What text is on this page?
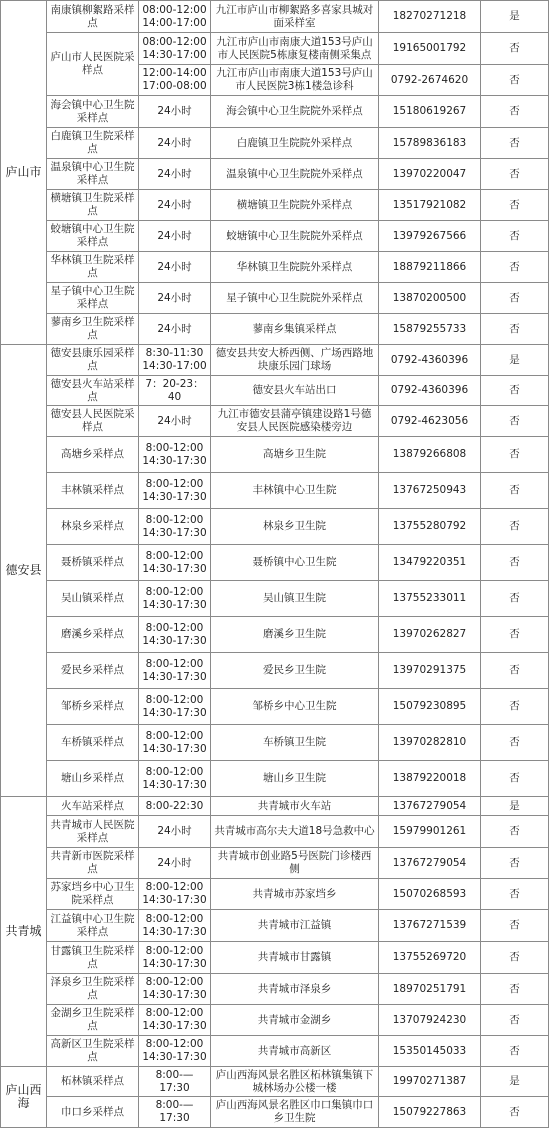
庐山市	南康镇柳絮路采样点	08:00-12:00
14:00-17:00	九江市庐山市柳絮路多喜家具城对面采样室	18270271218	是
	庐山市人民医院采样点	08:00-12:00
14:30-17:00	九江市庐山市南康大道153号庐山市人民医院5栋康复楼南侧采集点	19165001792	否
		12:00-14:00
17:00-08:00	九江市庐山市南康大道153号庐山市人民医院3栋1楼急诊科	0792-2674620	否
	海会镇中心卫生院采样点	24小时	海会镇中心卫生院院外采样点	15180619267	否
	白鹿镇卫生院采样点	24小时	白鹿镇卫生院院外采样点	15789836183	否
	温泉镇中心卫生院采样点	24小时	温泉镇中心卫生院院外采样点	13970220047	否
	横塘镇卫生院采样点	24小时	横塘镇卫生院院外采样点	13517921082	否
	蛟塘镇中心卫生院采样点	24小时	蛟塘镇中心卫生院院外采样点	13979267566	否
	华林镇卫生院采样点	24小时	华林镇卫生院院外采样点	18879211866	否
	星子镇中心卫生院采样点	24小时	星子镇中心卫生院院外采样点	13870200500	否
	蓼南乡卫生院采样点	24小时	蓼南乡集镇采样点	15879255733	否
德安县	德安县康乐园采样点	8:30-11:30
14:30-17:00	德安县共安大桥西侧、广场西路地块康乐园门球场	0792-4360396	是
	德安县火车站采样点	7：20-23：40	德安县火车站出口	0792-4360396	否
	德安县人民医院采样点	24小时	九江市德安县蒲亭镇建设路1号德安县人民医院感染楼旁边	0792-4623056	否
	高塘乡采样点	8:00-12:00
14:30-17:30	高塘乡卫生院	13879266808	否
	丰林镇采样点	8:00-12:00
14:30-17:30	丰林镇中心卫生院	13767250943	否
	林泉乡采样点	8:00-12:00
14:30-17:30	林泉乡卫生院	13755280792	否
	聂桥镇采样点	8:00-12:00
14:30-17:30	聂桥镇中心卫生院	13479220351	否
	吴山镇采样点	8:00-12:00
14:30-17:30	吴山镇卫生院	13755233011	否
	磨溪乡采样点	8:00-12:00
14:30-17:30	磨溪乡卫生院	13970262827	否
	爱民乡采样点	8:00-12:00
14:30-17:30	爱民乡卫生院	13970291375	否
	邹桥乡采样点	8:00-12:00
14:30-17:30	邹桥乡中心卫生院	15079230895	否
	车桥镇采样点	8:00-12:00
14:30-17:30	车桥镇卫生院	13970282810	否
	塘山乡采样点	8:00-12:00
14:30-17:30	塘山乡卫生院	13879220018	否
共青城	火车站采样点	8:00-22:30	共青城市火车站	13767279054	是
	共青城市人民医院采样点	24小时	共青城市高尔夫大道18号急救中心	15979901261	否
	共青新市医院采样点	24小时	共青城市创业路5号医院门诊楼西侧	13767279054	否
	苏家垱乡中心卫生院采样点	8:00-12:00
14:30-17:30	共青城市苏家垱乡	15070268593	否
	江益镇中心卫生院采样点	8:00-12:00
14:30-17:30	共青城市江益镇	13767271539	否
	甘露镇卫生院采样点	8:00-12:00
14:30-17:30	共青城市甘露镇	13755269720	否
	泽泉乡卫生院采样点	8:00-12:00
14:30-17:30	共青城市泽泉乡	18970251791	否
	金湖乡卫生院采样点	8:00-12:00
14:30-17:30	共青城市金湖乡	13707924230	否
	高新区卫生院采样点	8:00-12:00
14:30-17:30	共青城市高新区	15350145033	否
庐山西海	柘林镇采样点	8:00-—17:30	庐山西海风景名胜区柘林镇集镇下城林场办公楼一楼	19970271387	是
	巾口乡采样点	8:00-—17:30	庐山西海风景名胜区巾口集镇巾口乡卫生院	15079227863	否
